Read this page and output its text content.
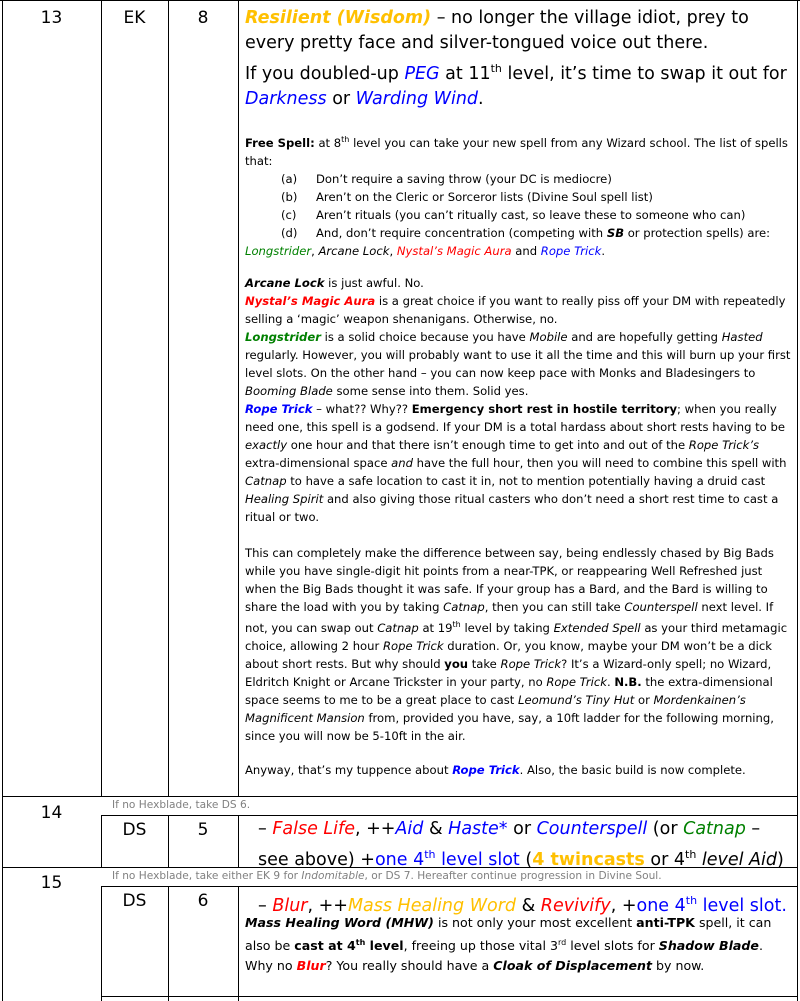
13	EK	8	Resilient (Wisdom) – no longer the village idiot, prey to every pretty face and silver-tongued voice out there.
If you doubled-up PEG at 11th level, it’s time to swap it out for Darkness or Warding Wind.
Free Spell: at 8th level you can take your new spell from any Wizard school. The list of spells that:
(a) Don’t require a saving throw (your DC is mediocre)
(b) Aren’t on the Cleric or Sorceror lists (Divine Soul spell list)
(c) Aren’t rituals (you can’t ritually cast, so leave these to someone who can)
(d) And, don’t require concentration (competing with SB or protection spells) are:
Longstrider, Arcane Lock, Nystal’s Magic Aura and Rope Trick.
Arcane Lock is just awful. No.
Nystal’s Magic Aura is a great choice if you want to really piss off your DM with repeatedly selling a ‘magic’ weapon shenanigans. Otherwise, no.
Longstrider is a solid choice because you have Mobile and are hopefully getting Hasted regularly. However, you will probably want to use it all the time and this will burn up your first level slots. On the other hand – you can now keep pace with Monks and Bladesingers to Booming Blade some sense into them. Solid yes.
Rope Trick – what?? Why?? Emergency short rest in hostile territory; when you really need one, this spell is a godsend. If your DM is a total hardass about short rests having to be exactly one hour and that there isn’t enough time to get into and out of the Rope Trick’s extra-dimensional space and have the full hour, then you will need to combine this spell with Catnap to have a safe location to cast it in, not to mention potentially having a druid cast Healing Spirit and also giving those ritual casters who don’t need a short rest time to cast a ritual or two.
This can completely make the difference between say, being endlessly chased by Big Bads while you have single-digit hit points from a near-TPK, or reappearing Well Refreshed just when the Big Bads thought it was safe. If your group has a Bard, and the Bard is willing to share the load with you by taking Catnap, then you can still take Counterspell next level. If not, you can swap out Catnap at 19th level by taking Extended Spell as your third metamagic choice, allowing 2 hour Rope Trick duration. Or, you know, maybe your DM won’t be a dick about short rests. But why should you take Rope Trick? It’s a Wizard-only spell; no Wizard, Eldritch Knight or Arcane Trickster in your party, no Rope Trick. N.B. the extra-dimensional space seems to me to be a great place to cast Leomund’s Tiny Hut or Mordenkainen’s Magnificent Mansion from, provided you have, say, a 10ft ladder for the following morning, since you will now be 5-10ft in the air.
Anyway, that’s my tuppence about Rope Trick. Also, the basic build is now complete.
14	If no Hexblade, take DS 6.
DS	5	– False Life, ++Aid & Haste* or Counterspell (or Catnap – see above) +one 4th level slot (4 twincasts or 4th level Aid)
15	If no Hexblade, take either EK 9 for Indomitable, or DS 7. Hereafter continue progression in Divine Soul.
DS	6	– Blur, ++Mass Healing Word & Revivify, +one 4th level slot.
Mass Healing Word (MHW) is not only your most excellent anti-TPK spell, it can also be cast at 4th level, freeing up those vital 3rd level slots for Shadow Blade. Why no Blur? You really should have a Cloak of Displacement by now.
